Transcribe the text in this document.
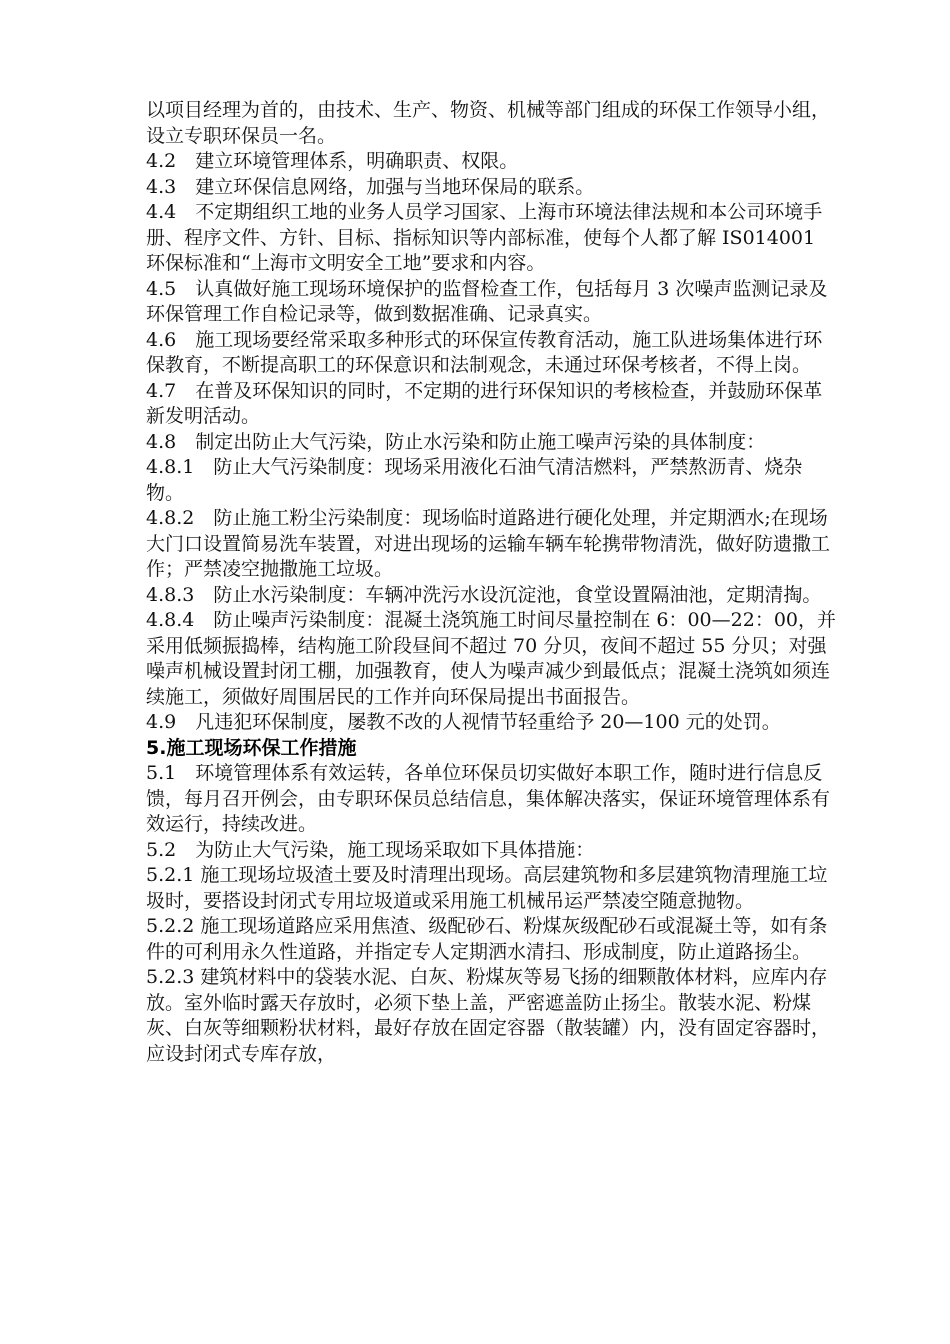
以项目经理为首的，由技术、生产、物资、机械等部门组成的环保工作领导小组，设立专职环保员一名。

4.2　建立环境管理体系，明确职责、权限。

4.3　建立环保信息网络，加强与当地环保局的联系。

4.4　不定期组织工地的业务人员学习国家、上海市环境法律法规和本公司环境手册、程序文件、方针、目标、指标知识等内部标准，使每个人都了解 IS014001 环保标准和“上海市文明安全工地”要求和内容。

4.5　认真做好施工现场环境保护的监督检查工作，包括每月 3 次噪声监测记录及环保管理工作自检记录等，做到数据准确、记录真实。

4.6　施工现场要经常采取多种形式的环保宣传教育活动，施工队进场集体进行环保教育，不断提高职工的环保意识和法制观念，未通过环保考核者，不得上岗。

4.7　在普及环保知识的同时，不定期的进行环保知识的考核检查，并鼓励环保革新发明活动。

4.8　制定出防止大气污染，防止水污染和防止施工噪声污染的具体制度：

4.8.1　防止大气污染制度：现场采用液化石油气清洁燃料，严禁熬沥青、烧杂物。

4.8.2　防止施工粉尘污染制度：现场临时道路进行硬化处理，并定期洒水;在现场大门口设置简易洗车装置，对进出现场的运输车辆车轮携带物清洗，做好防遗撒工作；严禁凌空抛撒施工垃圾。

4.8.3　防止水污染制度：车辆冲洗污水设沉淀池，食堂设置隔油池，定期清掏。

4.8.4　防止噪声污染制度：混凝土浇筑施工时间尽量控制在 6：00—22：00，并采用低频振捣棒，结构施工阶段昼间不超过 70 分贝，夜间不超过 55 分贝；对强噪声机械设置封闭工棚，加强教育，使人为噪声减少到最低点；混凝土浇筑如须连续施工，须做好周围居民的工作并向环保局提出书面报告。

4.9　凡违犯环保制度，屡教不改的人视情节轻重给予 20—100 元的处罚。

5.施工现场环保工作措施

5.1　环境管理体系有效运转，各单位环保员切实做好本职工作，随时进行信息反馈，每月召开例会，由专职环保员总结信息，集体解决落实，保证环境管理体系有效运行，持续改进。

5.2　为防止大气污染，施工现场采取如下具体措施：

5.2.1 施工现场垃圾渣土要及时清理出现场。高层建筑物和多层建筑物清理施工垃圾时，要搭设封闭式专用垃圾道或采用施工机械吊运严禁凌空随意抛物。

5.2.2 施工现场道路应采用焦渣、级配砂石、粉煤灰级配砂石或混凝土等，如有条件的可利用永久性道路，并指定专人定期洒水清扫、形成制度，防止道路扬尘。

5.2.3 建筑材料中的袋装水泥、白灰、粉煤灰等易飞扬的细颗散体材料，应库内存放。室外临时露天存放时，必须下垫上盖，严密遮盖防止扬尘。散装水泥、粉煤灰、白灰等细颗粉状材料，最好存放在固定容器（散装罐）内，没有固定容器时，应设封闭式专库存放，
